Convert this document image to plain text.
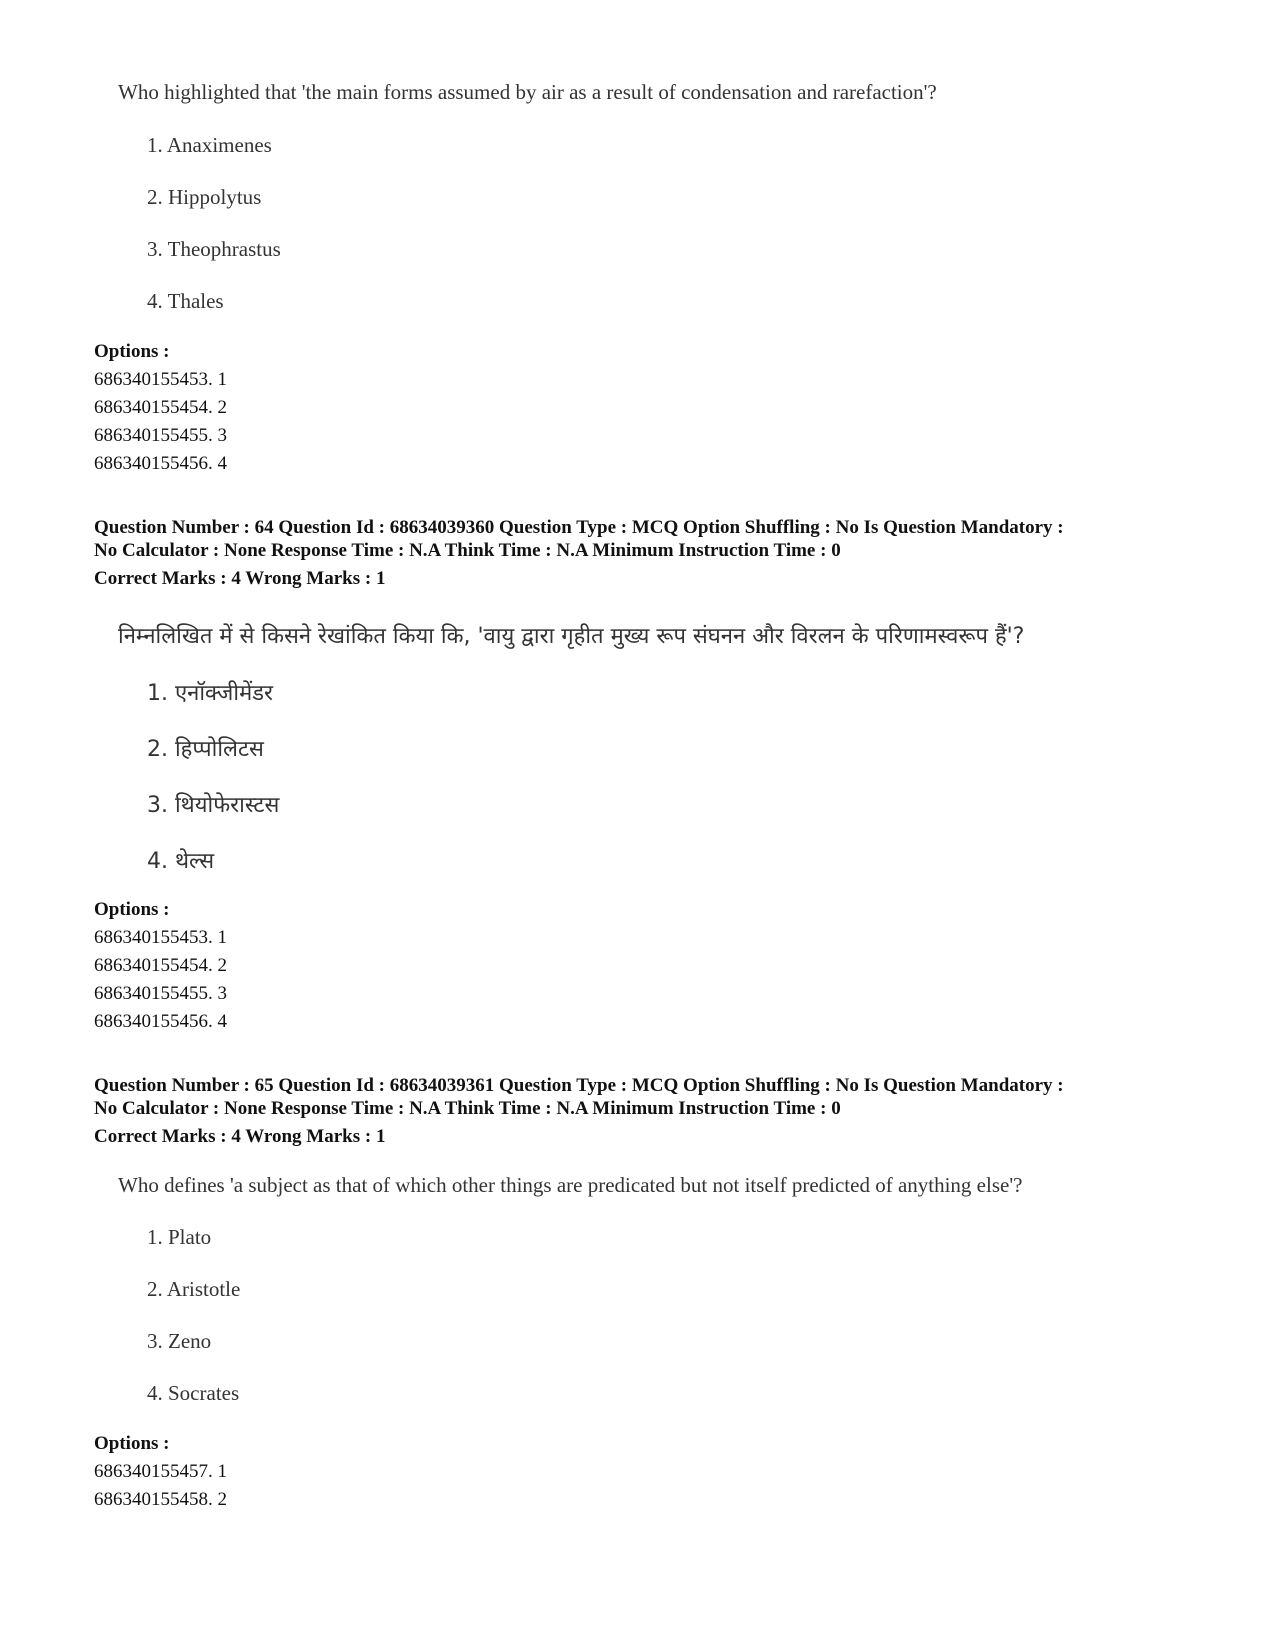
Who highlighted that 'the main forms assumed by air as a result of condensation and rarefaction'?
1. Anaximenes
2. Hippolytus
3. Theophrastus
4. Thales
Options :
686340155453. 1
686340155454. 2
686340155455. 3
686340155456. 4
Question Number : 64 Question Id : 68634039360 Question Type : MCQ Option Shuffling : No Is Question Mandatory :
No Calculator : None Response Time : N.A Think Time : N.A Minimum Instruction Time : 0
Correct Marks : 4 Wrong Marks : 1
निम्नलिखित में से किसने रेखांकित किया कि, 'वायु द्वारा गृहीत मुख्य रूप संघनन और विरलन के परिणामस्वरूप हैं'?
1. एनॉक्जीमेंडर
2. हिप्पोलिटस
3. थियोफेरास्टस
4. थेल्स
Options :
686340155453. 1
686340155454. 2
686340155455. 3
686340155456. 4
Question Number : 65 Question Id : 68634039361 Question Type : MCQ Option Shuffling : No Is Question Mandatory :
No Calculator : None Response Time : N.A Think Time : N.A Minimum Instruction Time : 0
Correct Marks : 4 Wrong Marks : 1
Who defines 'a subject as that of which other things are predicated but not itself predicted of anything else'?
1. Plato
2. Aristotle
3. Zeno
4. Socrates
Options :
686340155457. 1
686340155458. 2
